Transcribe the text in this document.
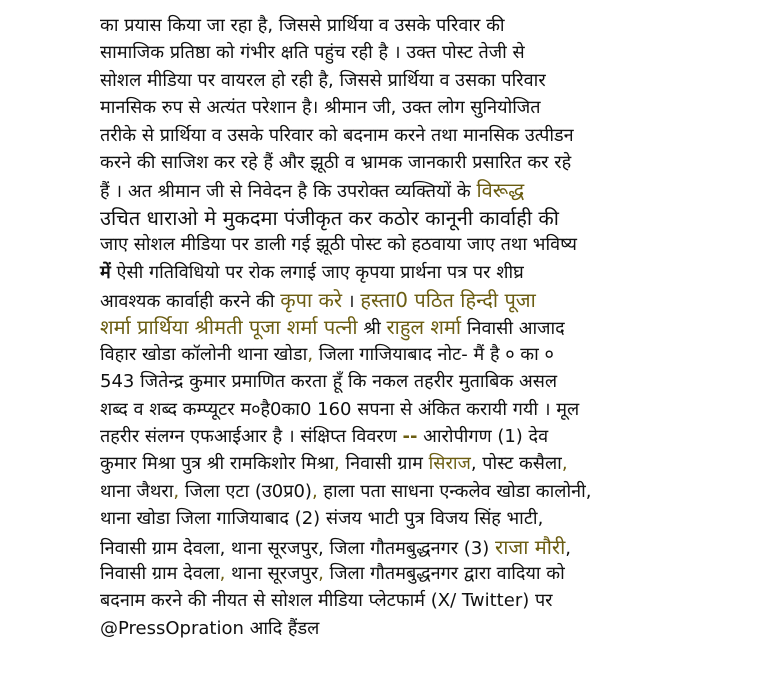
का प्रयास किया जा रहा है, जिससे प्रार्थिया व उसके परिवार की

सामाजिक प्रतिष्ठा को गंभीर क्षति पहुंच रही है । उक्त पोस्ट तेजी से

सोशल मीडिया पर वायरल हो रही है, जिससे प्रार्थिया व उसका परिवार

मानसिक रुप से अत्यंत परेशान है। श्रीमान जी, उक्त लोग सुनियोजित

तरीके से प्रार्थिया व उसके परिवार को बदनाम करने तथा मानसिक उत्पीडन

करने की साजिश कर रहे हैं और झूठी व भ्रामक जानकारी प्रसारित कर रहे

हैं । अत श्रीमान जी से निवेदन है कि उपरोक्त व्यक्तियों के विरूद्ध

उचित धाराओ मे मुकदमा पंजीकृत कर कठोर कानूनी कार्वाही की

जाए सोशल मीडिया पर डाली गई झूठी पोस्ट को हठवाया जाए तथा भविष्य

में ऐसी गतिविधियो पर रोक लगाई जाए कृपया प्रार्थना पत्र पर शीघ्र

आवश्यक कार्वाही करने की कृपा करे । हस्ता0 पठित हिन्दी पूजा

शर्मा प्रार्थिया श्रीमती पूजा शर्मा पत्नी श्री राहुल शर्मा निवासी आजाद

विहार खोडा कॉलोनी थाना खोडा, जिला गाजियाबाद नोट- मैं है ० का ०

543 जितेन्द्र कुमार प्रमाणित करता हूँ कि नकल तहरीर मुताबिक असल

शब्द व शब्द कम्प्यूटर म०है0का0 160 सपना से अंकित करायी गयी । मूल

तहरीर संलग्न एफआईआर है । संक्षिप्त विवरण -- आरोपीगण (1) देव

कुमार मिश्रा पुत्र श्री रामकिशोर मिश्रा, निवासी ग्राम सिराज, पोस्ट कसैला,

थाना जैथरा, जिला एटा (उ0प्र0), हाला पता साधना एन्कलेव खोडा कालोनी,

थाना खोडा जिला गाजियाबाद (2) संजय भाटी पुत्र विजय सिंह भाटी,

निवासी ग्राम देवला, थाना सूरजपुर, जिला गौतमबुद्धनगर (3) राजा मौरी,

निवासी ग्राम देवला, थाना सूरजपुर, जिला गौतमबुद्धनगर द्वारा वादिया को

बदनाम करने की नीयत से सोशल मीडिया प्लेटफार्म (X/ Twitter) पर

@PressOpration आदि हैंडल
